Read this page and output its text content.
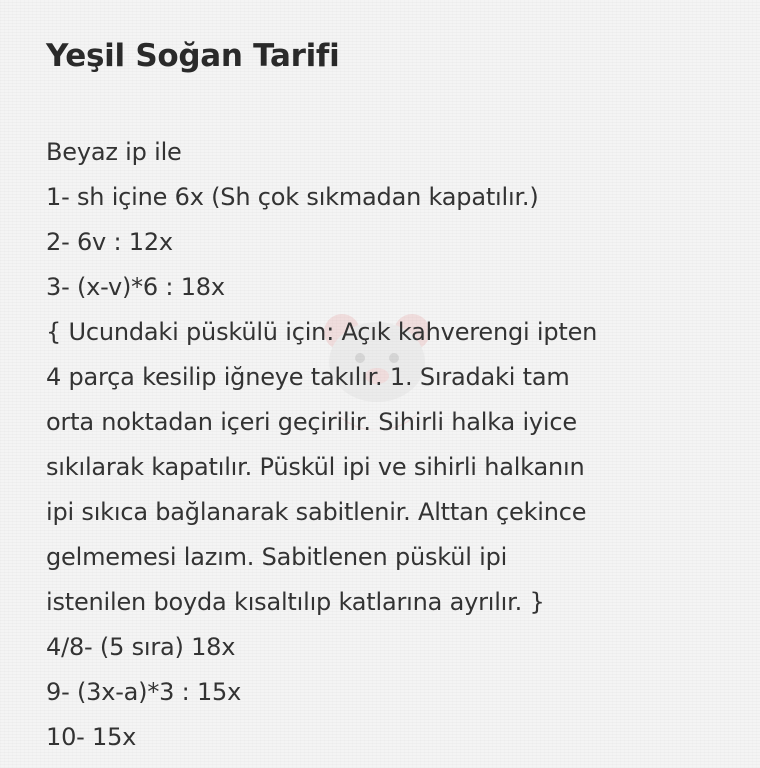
Yeşil Soğan Tarifi
Beyaz ip ile
1- sh içine 6x (Sh çok sıkmadan kapatılır.)
2- 6v : 12x
3- (x-v)*6 : 18x
{ Ucundaki püskülü için: Açık kahverengi ipten
4 parça kesilip iğneye takılır. 1. Sıradaki tam
orta noktadan içeri geçirilir. Sihirli halka iyice
sıkılarak kapatılır. Püskül ipi ve sihirli halkanın
ipi sıkıca bağlanarak sabitlenir. Alttan çekince
gelmemesi lazım. Sabitlenen püskül ipi
istenilen boyda kısaltılıp katlarına ayrılır. }
4/8- (5 sıra) 18x
9- (3x-a)*3 : 15x
10- 15x
